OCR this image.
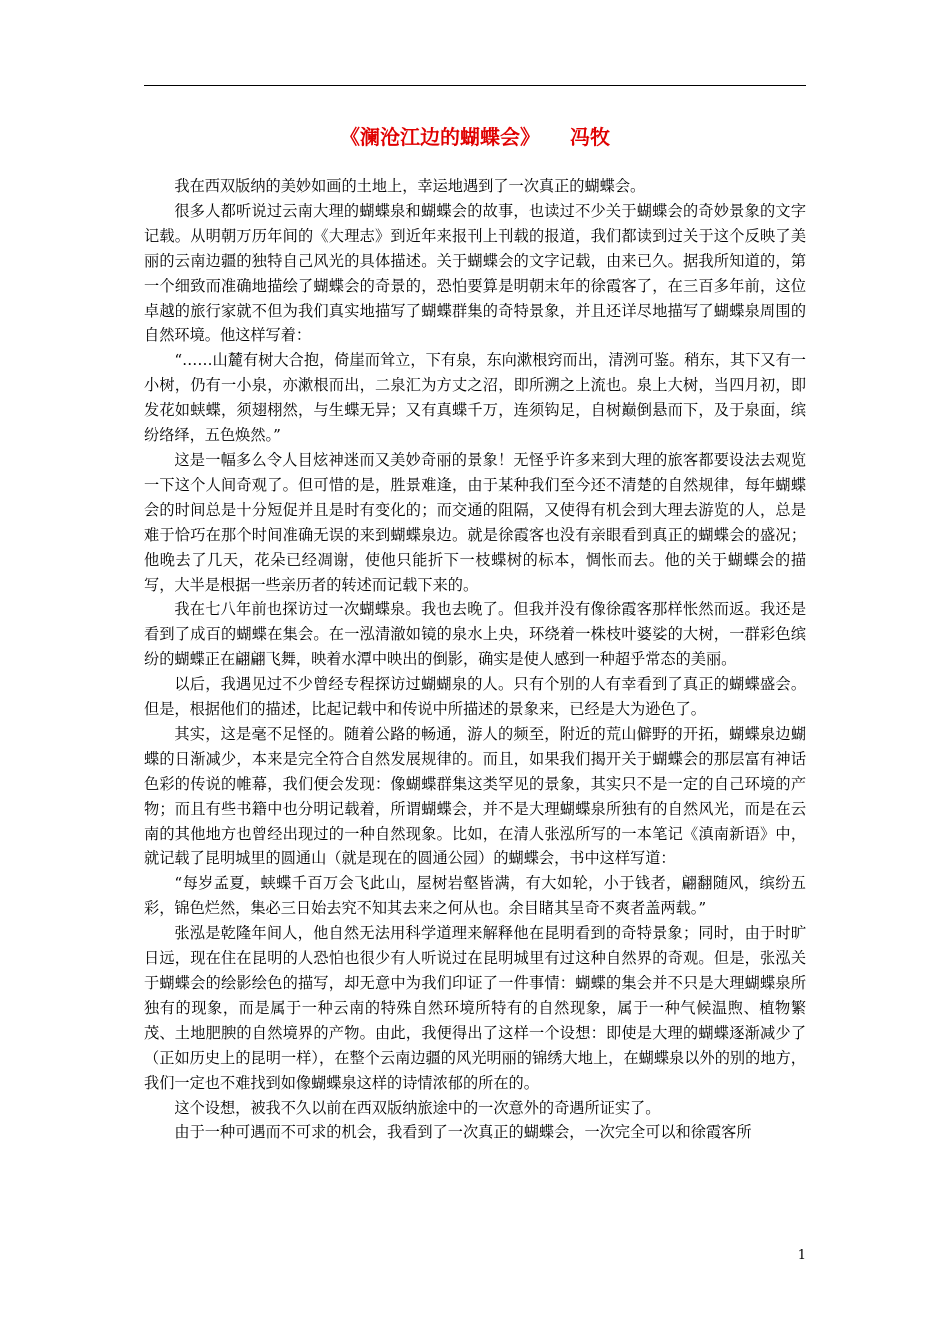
《澜沧江边的蝴蝶会》 冯牧

我在西双版纳的美妙如画的土地上，幸运地遇到了一次真正的蝴蝶会。

很多人都听说过云南大理的蝴蝶泉和蝴蝶会的故事，也读过不少关于蝴蝶会的奇妙景象的文字记载。从明朝万历年间的《大理志》到近年来报刊上刊载的报道，我们都读到过关于这个反映了美丽的云南边疆的独特自己风光的具体描述。关于蝴蝶会的文字记载，由来已久。据我所知道的，第一个细致而准确地描绘了蝴蝶会的奇景的，恐怕要算是明朝末年的徐霞客了，在三百多年前，这位卓越的旅行家就不但为我们真实地描写了蝴蝶群集的奇特景象，并且还详尽地描写了蝴蝶泉周围的自然环境。他这样写着：

“……山麓有树大合抱，倚崖而耸立，下有泉，东向漱根窍而出，清洌可鉴。稍东，其下又有一小树，仍有一小泉，亦漱根而出，二泉汇为方丈之沼，即所溯之上流也。泉上大树，当四月初，即发花如蛱蝶，须翅栩然，与生蝶无异；又有真蝶千万，连须钩足，自树巅倒悬而下，及于泉面，缤纷络绎，五色焕然。”

这是一幅多么令人目炫神迷而又美妙奇丽的景象！无怪乎许多来到大理的旅客都要设法去观览一下这个人间奇观了。但可惜的是，胜景难逢，由于某种我们至今还不清楚的自然规律，每年蝴蝶会的时间总是十分短促并且是时有变化的；而交通的阻隔，又使得有机会到大理去游览的人，总是难于恰巧在那个时间准确无误的来到蝴蝶泉边。就是徐霞客也没有亲眼看到真正的蝴蝶会的盛况；他晚去了几天，花朵已经凋谢，使他只能折下一枝蝶树的标本，惆怅而去。他的关于蝴蝶会的描写，大半是根据一些亲历者的转述而记载下来的。

我在七八年前也探访过一次蝴蝶泉。我也去晚了。但我并没有像徐霞客那样怅然而返。我还是看到了成百的蝴蝶在集会。在一泓清澈如镜的泉水上央，环绕着一株枝叶婆娑的大树，一群彩色缤纷的蝴蝶正在翩翩飞舞，映着水潭中映出的倒影，确实是使人感到一种超乎常态的美丽。

以后，我遇见过不少曾经专程探访过蝴蝴泉的人。只有个别的人有幸看到了真正的蝴蝶盛会。但是，根据他们的描述，比起记载中和传说中所描述的景象来，已经是大为逊色了。

其实，这是毫不足怪的。随着公路的畅通，游人的频至，附近的荒山僻野的开拓，蝴蝶泉边蝴蝶的日渐减少，本来是完全符合自然发展规律的。而且，如果我们揭开关于蝴蝶会的那层富有神话色彩的传说的帷幕，我们便会发现：像蝴蝶群集这类罕见的景象，其实只不是一定的自己环境的产物；而且有些书籍中也分明记载着，所谓蝴蝶会，并不是大理蝴蝶泉所独有的自然风光，而是在云南的其他地方也曾经出现过的一种自然现象。比如，在清人张泓所写的一本笔记《滇南新语》中，就记载了昆明城里的圆通山（就是现在的圆通公园）的蝴蝶会，书中这样写道：

“每岁孟夏，蛱蝶千百万会飞此山，屋树岩壑皆满，有大如轮，小于钱者，翩翻随风，缤纷五彩，锦色烂然，集必三日始去究不知其去来之何从也。余目睹其呈奇不爽者盖两载。”

张泓是乾隆年间人，他自然无法用科学道理来解释他在昆明看到的奇特景象；同时，由于时旷日远，现在住在昆明的人恐怕也很少有人听说过在昆明城里有过这种自然界的奇观。但是，张泓关于蝴蝶会的绘影绘色的描写，却无意中为我们印证了一件事情：蝴蝶的集会并不只是大理蝴蝶泉所独有的现象，而是属于一种云南的特殊自然环境所特有的自然现象，属于一种气候温煦、植物繁茂、土地肥腴的自然境界的产物。由此，我便得出了这样一个设想：即使是大理的蝴蝶逐渐减少了（正如历史上的昆明一样），在整个云南边疆的风光明丽的锦绣大地上，在蝴蝶泉以外的别的地方，我们一定也不难找到如像蝴蝶泉这样的诗情浓郁的所在的。

这个设想，被我不久以前在西双版纳旅途中的一次意外的奇遇所证实了。

由于一种可遇而不可求的机会，我看到了一次真正的蝴蝶会，一次完全可以和徐霞客所

1
